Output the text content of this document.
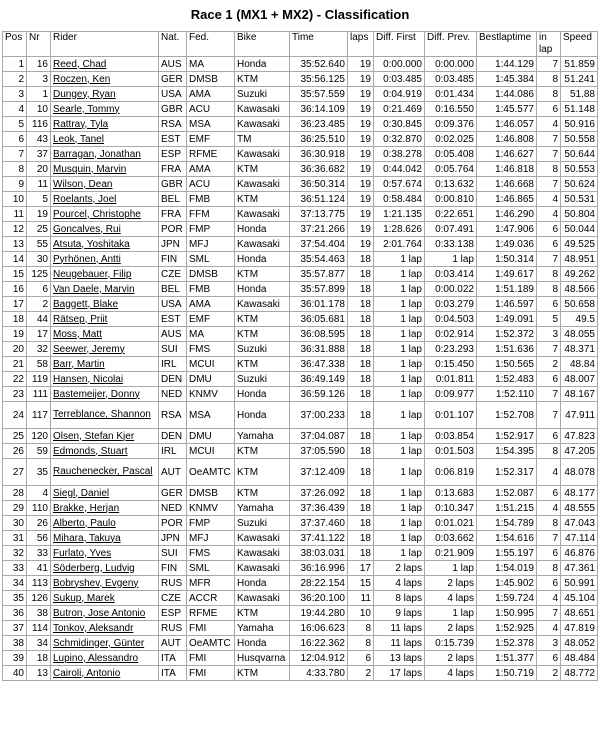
Race 1 (MX1 + MX2) - Classification
Pos	Nr	Rider	Nat.	Fed.	Bike	Time	laps	Diff. First	Diff. Prev.	Bestlaptime	in lap	Speed
1	16	Reed, Chad	AUS	MA	Honda	35:52.640	19	0:00.000	0:00.000	1:44.129	7	51.859
2	3	Roczen, Ken	GER	DMSB	KTM	35:56.125	19	0:03.485	0:03.485	1:45.384	8	51.241
3	1	Dungey, Ryan	USA	AMA	Suzuki	35:57.559	19	0:04.919	0:01.434	1:44.086	8	51.88
4	10	Searle, Tommy	GBR	ACU	Kawasaki	36:14.109	19	0:21.469	0:16.550	1:45.577	6	51.148
5	116	Rattray, Tyla	RSA	MSA	Kawasaki	36:23.485	19	0:30.845	0:09.376	1:46.057	4	50.916
6	43	Leok, Tanel	EST	EMF	TM	36:25.510	19	0:32.870	0:02.025	1:46.808	7	50.558
7	37	Barragan, Jonathan	ESP	RFME	Kawasaki	36:30.918	19	0:38.278	0:05.408	1:46.627	7	50.644
8	20	Musquin, Marvin	FRA	AMA	KTM	36:36.682	19	0:44.042	0:05.764	1:46.818	8	50.553
9	11	Wilson, Dean	GBR	ACU	Kawasaki	36:50.314	19	0:57.674	0:13.632	1:46.668	7	50.624
10	5	Roelants, Joel	BEL	FMB	KTM	36:51.124	19	0:58.484	0:00.810	1:46.865	4	50.531
11	19	Pourcel, Christophe	FRA	FFM	Kawasaki	37:13.775	19	1:21.135	0:22.651	1:46.290	4	50.804
12	25	Goncalves, Rui	POR	FMP	Honda	37:21.266	19	1:28.626	0:07.491	1:47.906	6	50.044
13	55	Atsuta, Yoshitaka	JPN	MFJ	Kawasaki	37:54.404	19	2:01.764	0:33.138	1:49.036	6	49.525
14	30	Pyrhönen, Antti	FIN	SML	Honda	35:54.463	18	1 lap	1 lap	1:50.314	7	48.951
15	125	Neugebauer, Filip	CZE	DMSB	KTM	35:57.877	18	1 lap	0:03.414	1:49.617	8	49.262
16	6	Van Daele, Marvin	BEL	FMB	Honda	35:57.899	18	1 lap	0:00.022	1:51.189	8	48.566
17	2	Baggett, Blake	USA	AMA	Kawasaki	36:01.178	18	1 lap	0:03.279	1:46.597	6	50.658
18	44	Rätsep, Priit	EST	EMF	KTM	36:05.681	18	1 lap	0:04.503	1:49.091	5	49.5
19	17	Moss, Matt	AUS	MA	KTM	36:08.595	18	1 lap	0:02.914	1:52.372	3	48.055
20	32	Seewer, Jeremy	SUI	FMS	Suzuki	36:31.888	18	1 lap	0:23.293	1:51.636	7	48.371
21	58	Barr, Martin	IRL	MCUI	KTM	36:47.338	18	1 lap	0:15.450	1:50.565	2	48.84
22	119	Hansen, Nicolai	DEN	DMU	Suzuki	36:49.149	18	1 lap	0:01.811	1:52.483	6	48.007
23	111	Bastemeijer, Donny	NED	KNMV	Honda	36:59.126	18	1 lap	0:09.977	1:52.110	7	48.167
24	117	Terreblance, Shannon	RSA	MSA	Honda	37:00.233	18	1 lap	0:01.107	1:52.708	7	47.911
25	120	Olsen, Stefan Kjer	DEN	DMU	Yamaha	37:04.087	18	1 lap	0:03.854	1:52.917	6	47.823
26	59	Edmonds, Stuart	IRL	MCUI	KTM	37:05.590	18	1 lap	0:01.503	1:54.395	8	47.205
27	35	Rauchenecker, Pascal	AUT	OeAMTC	KTM	37:12.409	18	1 lap	0:06.819	1:52.317	4	48.078
28	4	Siegl, Daniel	GER	DMSB	KTM	37:26.092	18	1 lap	0:13.683	1:52.087	6	48.177
29	110	Brakke, Herjan	NED	KNMV	Yamaha	37:36.439	18	1 lap	0:10.347	1:51.215	4	48.555
30	26	Alberto, Paulo	POR	FMP	Suzuki	37:37.460	18	1 lap	0:01.021	1:54.789	8	47.043
31	56	Mihara, Takuya	JPN	MFJ	Kawasaki	37:41.122	18	1 lap	0:03.662	1:54.616	7	47.114
32	33	Furlato, Yves	SUI	FMS	Kawasaki	38:03.031	18	1 lap	0:21.909	1:55.197	6	46.876
33	41	Söderberg, Ludvig	FIN	SML	Kawasaki	36:16.996	17	2 laps	1 lap	1:54.019	8	47.361
34	113	Bobryshev, Evgeny	RUS	MFR	Honda	28:22.154	15	4 laps	2 laps	1:45.902	6	50.991
35	126	Sukup, Marek	CZE	ACCR	Kawasaki	36:20.100	11	8 laps	4 laps	1:59.724	4	45.104
36	38	Butron, Jose Antonio	ESP	RFME	KTM	19:44.280	10	9 laps	1 lap	1:50.995	7	48.651
37	114	Tonkov, Aleksandr	RUS	FMI	Yamaha	16:06.623	8	11 laps	2 laps	1:52.925	4	47.819
38	34	Schmidinger, Günter	AUT	OeAMTC	Honda	16:22.362	8	11 laps	0:15.739	1:52.378	3	48.052
39	18	Lupino, Alessandro	ITA	FMI	Husqvarna	12:04.912	6	13 laps	2 laps	1:51.377	6	48.484
40	13	Cairoli, Antonio	ITA	FMI	KTM	4:33.780	2	17 laps	4 laps	1:50.719	2	48.772
